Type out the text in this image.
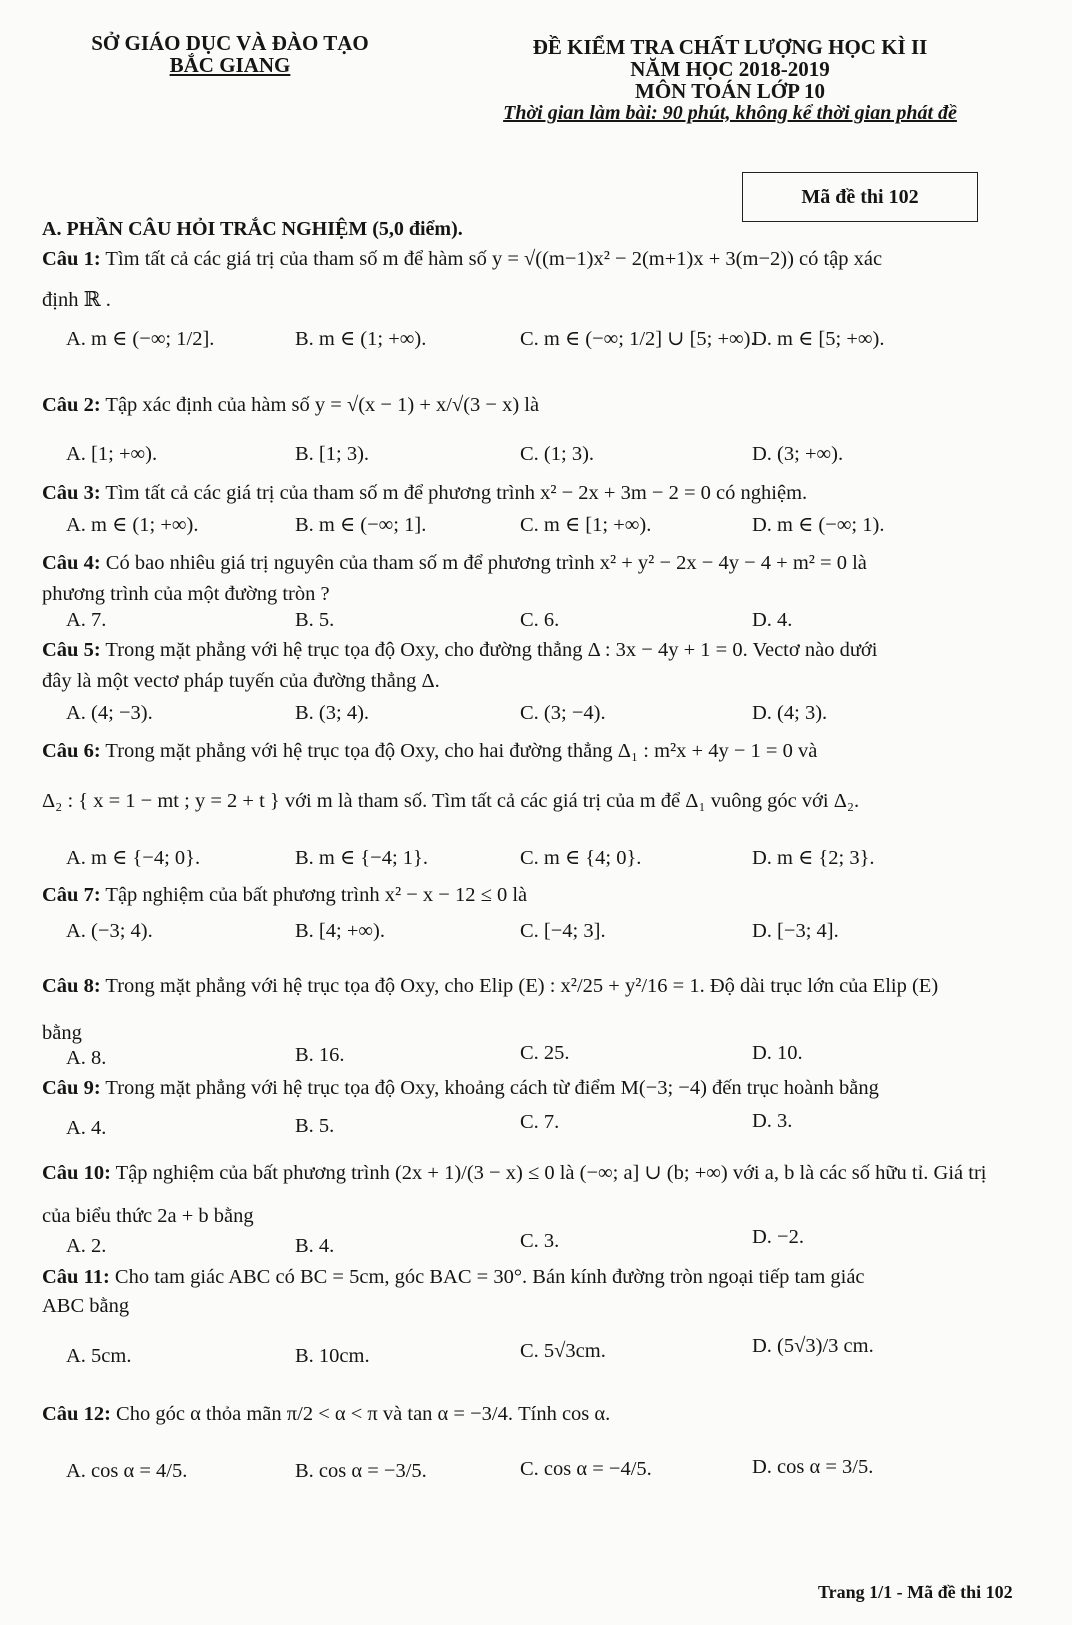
SỞ GIÁO DỤC VÀ ĐÀO TẠO
BẮC GIANG
ĐỀ KIỂM TRA CHẤT LƯỢNG HỌC KÌ II
NĂM HỌC 2018-2019
MÔN TOÁN LỚP 10
Thời gian làm bài: 90 phút, không kể thời gian phát đề
Mã đề thi 102
A. PHẦN CÂU HỎI TRẮC NGHIỆM (5,0 điểm).
Câu 1: Tìm tất cả các giá trị của tham số m để hàm số y = √((m−1)x² − 2(m+1)x + 3(m−2)) có tập xác
định ℝ .
A. m ∈ (−∞; 1/2].	B. m ∈ (1; +∞).	C. m ∈ (−∞; 1/2] ∪ [5; +∞).
D. m ∈ [5; +∞).
Câu 2: Tập xác định của hàm số y = √(x − 1) + x/√(3 − x) là
A. [1; +∞).	B. [1; 3).	C. (1; 3).	D. (3; +∞).
Câu 3: Tìm tất cả các giá trị của tham số m để phương trình x² − 2x + 3m − 2 = 0 có nghiệm.
A. m ∈ (1; +∞).	B. m ∈ (−∞; 1].	C. m ∈ [1; +∞).	D. m ∈ (−∞; 1).
Câu 4: Có bao nhiêu giá trị nguyên của tham số m để phương trình x² + y² − 2x − 4y − 4 + m² = 0 là
phương trình của một đường tròn ?
A. 7.	B. 5.	C. 6.	D. 4.
Câu 5: Trong mặt phẳng với hệ trục tọa độ Oxy, cho đường thẳng Δ : 3x − 4y + 1 = 0. Vectơ nào dưới
đây là một vectơ pháp tuyến của đường thẳng Δ.
A. (4; −3).	B. (3; 4).	C. (3; −4).	D. (4; 3).
Câu 6: Trong mặt phẳng với hệ trục tọa độ Oxy, cho hai đường thẳng Δ₁ : m²x + 4y − 1 = 0 và
Δ₂ : { x = 1 − mt ; y = 2 + t } với m là tham số. Tìm tất cả các giá trị của m để Δ₁ vuông góc với Δ₂.
A. m ∈ {−4; 0}.	B. m ∈ {−4; 1}.	C. m ∈ {4; 0}.	D. m ∈ {2; 3}.
Câu 7: Tập nghiệm của bất phương trình x² − x − 12 ≤ 0 là
A. (−3; 4).	B. [4; +∞).	C. [−4; 3].	D. [−3; 4].
Câu 8: Trong mặt phẳng với hệ trục tọa độ Oxy, cho Elip (E) : x²/25 + y²/16 = 1. Độ dài trục lớn của Elip (E)
bằng
A. 8.	B. 16.	C. 25.	D. 10.
Câu 9: Trong mặt phẳng với hệ trục tọa độ Oxy, khoảng cách từ điểm M(−3; −4) đến trục hoành bằng
A. 4.	B. 5.	C. 7.	D. 3.
Câu 10: Tập nghiệm của bất phương trình (2x + 1)/(3 − x) ≤ 0 là (−∞; a] ∪ (b; +∞) với a, b là các số hữu tỉ. Giá trị
của biểu thức 2a + b bằng
A. 2.	B. 4.	C. 3.	D. −2.
Câu 11: Cho tam giác ABC có BC = 5cm, góc BAC = 30°. Bán kính đường tròn ngoại tiếp tam giác
ABC bằng
A. 5cm.	B. 10cm.	C. 5√3cm.	D. (5√3)/3 cm.
Câu 12: Cho góc α thỏa mãn π/2 < α < π và tan α = −3/4. Tính cos α.
A. cos α = 4/5.	B. cos α = −3/5.	C. cos α = −4/5.	D. cos α = 3/5.
Trang 1/1 - Mã đề thi 102
